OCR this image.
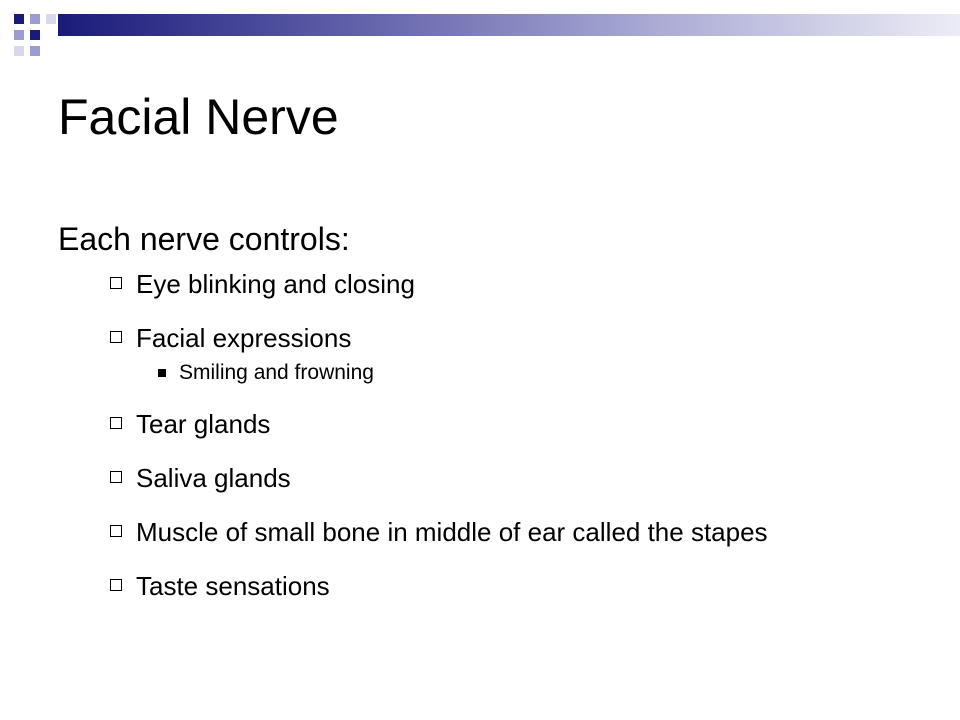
Facial Nerve
Each nerve controls:
Eye blinking and closing
Facial expressions
Smiling and frowning
Tear glands
Saliva glands
Muscle of small bone in middle of ear called the stapes
Taste sensations
